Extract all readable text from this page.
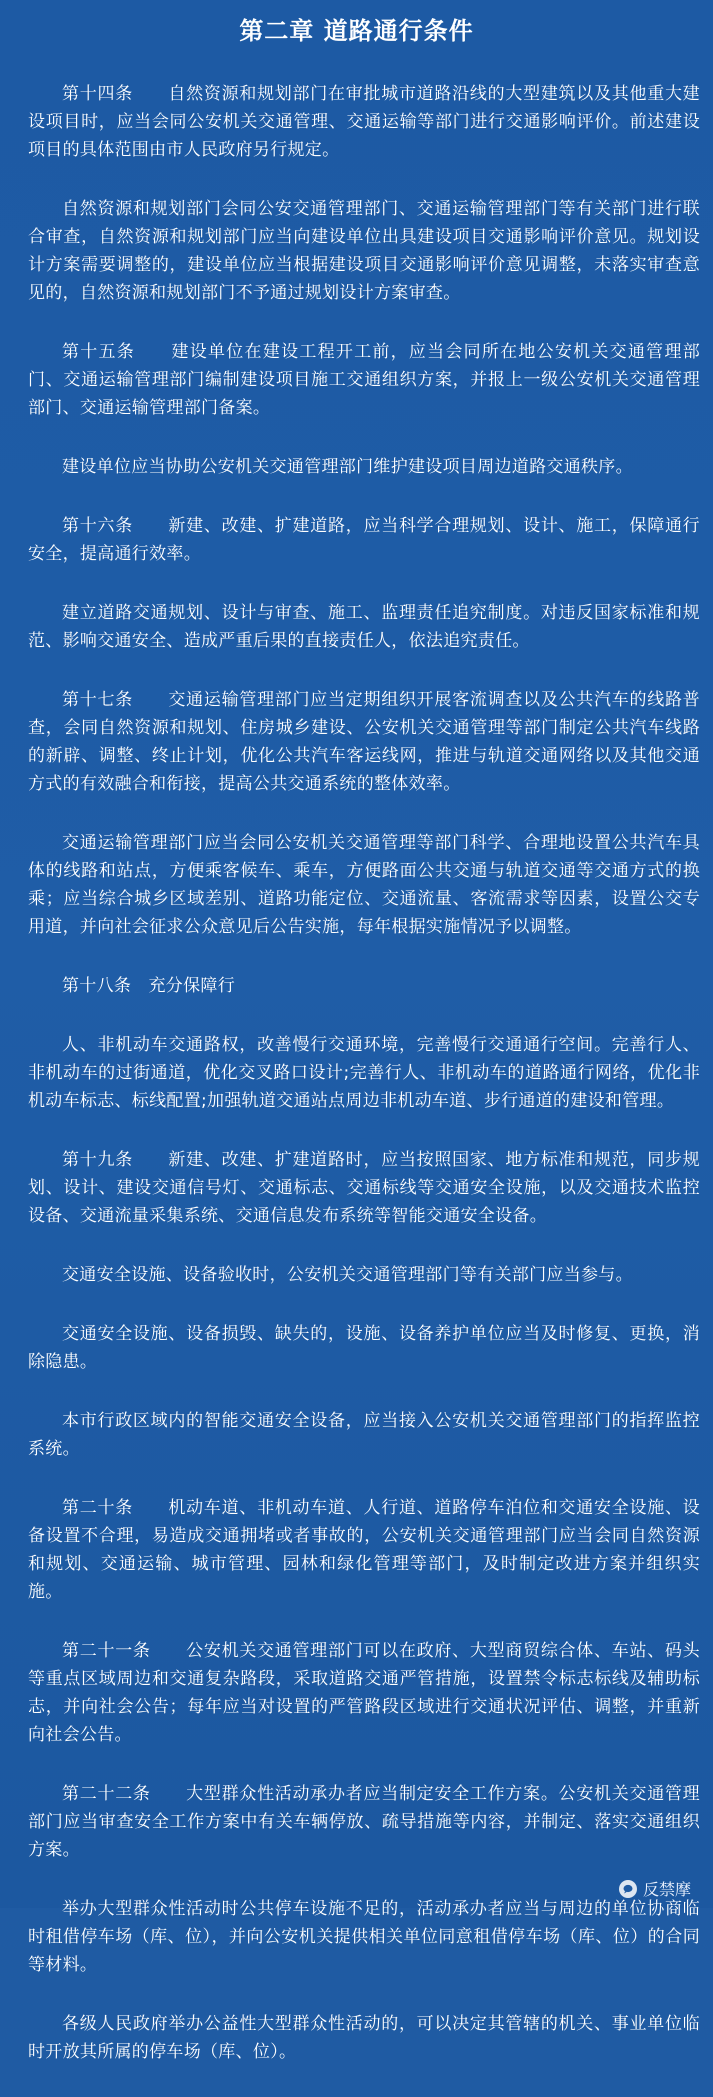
第二章 道路通行条件

第十四条　　自然资源和规划部门在审批城市道路沿线的大型建筑以及其他重大建设项目时，应当会同公安机关交通管理、交通运输等部门进行交通影响评价。前述建设项目的具体范围由市人民政府另行规定。

自然资源和规划部门会同公安交通管理部门、交通运输管理部门等有关部门进行联合审查，自然资源和规划部门应当向建设单位出具建设项目交通影响评价意见。规划设计方案需要调整的，建设单位应当根据建设项目交通影响评价意见调整，未落实审查意见的，自然资源和规划部门不予通过规划设计方案审查。

第十五条　　建设单位在建设工程开工前，应当会同所在地公安机关交通管理部门、交通运输管理部门编制建设项目施工交通组织方案，并报上一级公安机关交通管理部门、交通运输管理部门备案。

建设单位应当协助公安机关交通管理部门维护建设项目周边道路交通秩序。

第十六条　　新建、改建、扩建道路，应当科学合理规划、设计、施工，保障通行安全，提高通行效率。

建立道路交通规划、设计与审查、施工、监理责任追究制度。对违反国家标准和规范、影响交通安全、造成严重后果的直接责任人，依法追究责任。

第十七条　　交通运输管理部门应当定期组织开展客流调查以及公共汽车的线路普查，会同自然资源和规划、住房城乡建设、公安机关交通管理等部门制定公共汽车线路的新辟、调整、终止计划，优化公共汽车客运线网，推进与轨道交通网络以及其他交通方式的有效融合和衔接，提高公共交通系统的整体效率。

交通运输管理部门应当会同公安机关交通管理等部门科学、合理地设置公共汽车具体的线路和站点，方便乘客候车、乘车，方便路面公共交通与轨道交通等交通方式的换乘；应当综合城乡区域差别、道路功能定位、交通流量、客流需求等因素，设置公交专用道，并向社会征求公众意见后公告实施，每年根据实施情况予以调整。

第十八条　充分保障行

人、非机动车交通路权，改善慢行交通环境，完善慢行交通通行空间。完善行人、非机动车的过街通道，优化交叉路口设计;完善行人、非机动车的道路通行网络，优化非机动车标志、标线配置;加强轨道交通站点周边非机动车道、步行通道的建设和管理。

第十九条　　新建、改建、扩建道路时，应当按照国家、地方标准和规范，同步规划、设计、建设交通信号灯、交通标志、交通标线等交通安全设施，以及交通技术监控设备、交通流量采集系统、交通信息发布系统等智能交通安全设备。

交通安全设施、设备验收时，公安机关交通管理部门等有关部门应当参与。

交通安全设施、设备损毁、缺失的，设施、设备养护单位应当及时修复、更换，消除隐患。

本市行政区域内的智能交通安全设备，应当接入公安机关交通管理部门的指挥监控系统。

第二十条　　机动车道、非机动车道、人行道、道路停车泊位和交通安全设施、设备设置不合理，易造成交通拥堵或者事故的，公安机关交通管理部门应当会同自然资源和规划、交通运输、城市管理、园林和绿化管理等部门，及时制定改进方案并组织实施。

第二十一条　　公安机关交通管理部门可以在政府、大型商贸综合体、车站、码头等重点区域周边和交通复杂路段，采取道路交通严管措施，设置禁令标志标线及辅助标志，并向社会公告；每年应当对设置的严管路段区域进行交通状况评估、调整，并重新向社会公告。

第二十二条　　大型群众性活动承办者应当制定安全工作方案。公安机关交通管理部门应当审查安全工作方案中有关车辆停放、疏导措施等内容，并制定、落实交通组织方案。

举办大型群众性活动时公共停车设施不足的，活动承办者应当与周边的单位协商临时租借停车场（库、位），并向公安机关提供相关单位同意租借停车场（库、位）的合同等材料。

各级人民政府举办公益性大型群众性活动的，可以决定其管辖的机关、事业单位临时开放其所属的停车场（库、位）。

反禁摩
